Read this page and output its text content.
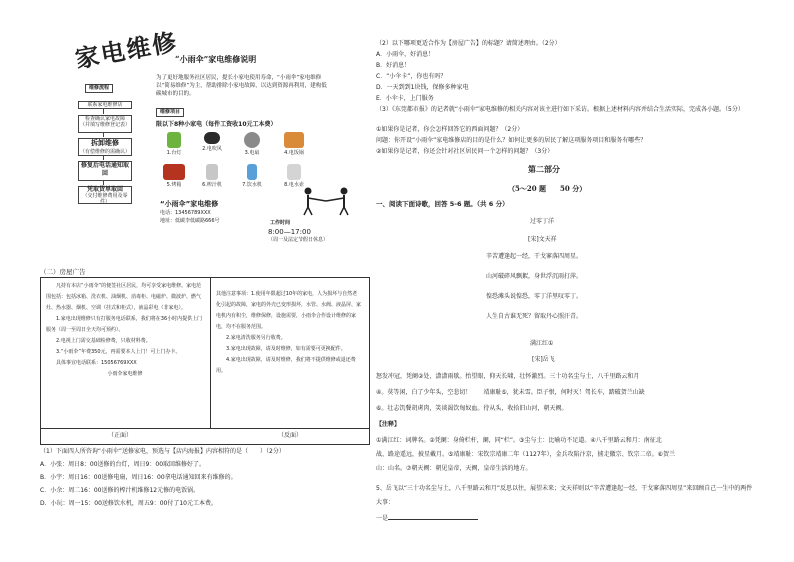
家电维修
“小雨伞”家电维修说明
为了更好地服务社区居民，提长小家电使用寿命，“小雨伞”家电维修以“简易维修”为主，帮助排除小家电故障，以达到资源再利用，建构低碳城市的目的。
维修流程
联系家电维修店
检查确认家电故障
（并填写维修登记表）
拆卸维修
（有偿维修的需确认）
修复后电话通知取回
凭取货单取回
（交付维修费用及零件）
维修项目
限以下8种小家电（每件工资收10元工本费）
1.台灯
2.电吹风
3.电扇	4.电饭锅
5.烤箱	6.榨汁机	7.饮水机	8.电水壶
“小雨伞”家电维修
电话：13456789XXX
地址：低碳李低碳路666号	工作时间
8:00—17:00
（周一及法定节假日休息）
（二）房屋广告
凡持有本店“小雨伞”的便签社区居民，均可享受家电维修。家电范围包括：包括冰箱、洗衣机、油烟机、消毒柜、电磁炉、微波炉、燃气灶、热水器、烟机、空调（挂式和柜式），液晶彩电（非家电）。
1.家电出现维修只有打服务电话联系，我们将在36小时内提供上门服务（周一至周日全天均可预约）。
2.电视上门需交基础检修费，只收材料费。
3.“小雨伞”年费350元，再需要本人上门！可上门办卡。
具体事宜电话联系：15056769XXX
小雨伞家电维修
其他注意事项：1.使用年限超过10年的家电，人为损坏与自然老化引起的故障，家电的外壳已变形损坏，水管、水阀、液晶屏、家电机内有积尘，维修保修，设施需要，小雨伞合作设计维修的家电，均不在服务范围。
2.家电清洗服务另行收费。
3.家电出现故障，请及时维修，如有需要可更换配件。
4.家电出现故障，请及时维修，我们将不提供维修或退还费用。
（正面）	（反面）
（1）下面四人所咨询“小雨伞”送修家电，预选与【店内海报】内容相符的是（　　）（2分）
A．小张：周日8：00送修的台灯，周日9：00取回维修好了。
B．小宇：周日16：00送修电扇，周日16：00拿电话通知回来有维修的。
C．小余：周二16：00送修的榨汁机维修12元修的电饭锅。
D．小玩：周一15：00送修饮水机，周五9：00付了10元工本费。
（2）以下哪项更适合作为【房屋广告】的标题？请简述理由。（2分）
A．小雨伞，好消息！
B．好消息！
C．“小伞卡”，你也有吗？
D．一天到到1块钱，保修多种家电
E．小伞卡，上门服务
（3）《东莞都市报》的记者就“小雨伞”家电维修的相关内容对该主进行如下采访。根据上述材料内容并结合生活实际，完成各小题。（5分）
①如果你是记者，你会怎样回答它的西面问题？（2分）
问题：你开设“小雨伞”家电维修店的目的是什么？如何让更多的居民了解这项服务项目和服务有哪些？
②如果你是记者，你还会针对社区居民问一个怎样的问题？（3分）
第二部分
（5～20 题　　50 分）
一、阅读下面诗歌，回答 5-6 题。（共 6 分）
过零丁洋
[宋]文天祥
辛苦遭逢起一经，干戈寥落四周星。
山河破碎风飘絮，身世浮沉雨打萍。
惶恐滩头说惶恐，零丁洋里叹零丁。
人生自古谁无死？留取丹心照汗青。
满江红①
[宋]岳飞
怒发冲冠，凭阑②处，潇潇雨歇。抬望眼，仰天长啸，壮怀激烈。三十功名尘与土，八千里路云和月
④。莫等闲，白了少年头，空悲切！　　靖康耻⑤，犹未雪。臣子恨，何时灭！驾长车，踏破贺兰山缺
⑥。壮志饥餐胡虏肉，笑谈渴饮匈奴血。待从头，收拾旧山河，朝天阙。
【注释】
①满江红：词牌名。②凭阑：身倚栏杆，阑，同“栏”。③尘与土：比喻功不足道。④八千里路云和月：南征北
战、路途遥远，披星戴月。⑤靖康耻：宋钦宗靖康二年（1127年），金兵攻陷汴京，掳走徽宗、钦宗二帝。⑥贺兰
山：山名。⑦朝天阙：朝见皇帝，天阙，皇帝生活的地方。
5、岳飞以“三十功名尘与土，八千里路云和月”反思以往，展望未来；文天祥则以“辛苦遭逢起一经，干戈寥落四周星”来回顾自己一生中的两件大事：
一是
